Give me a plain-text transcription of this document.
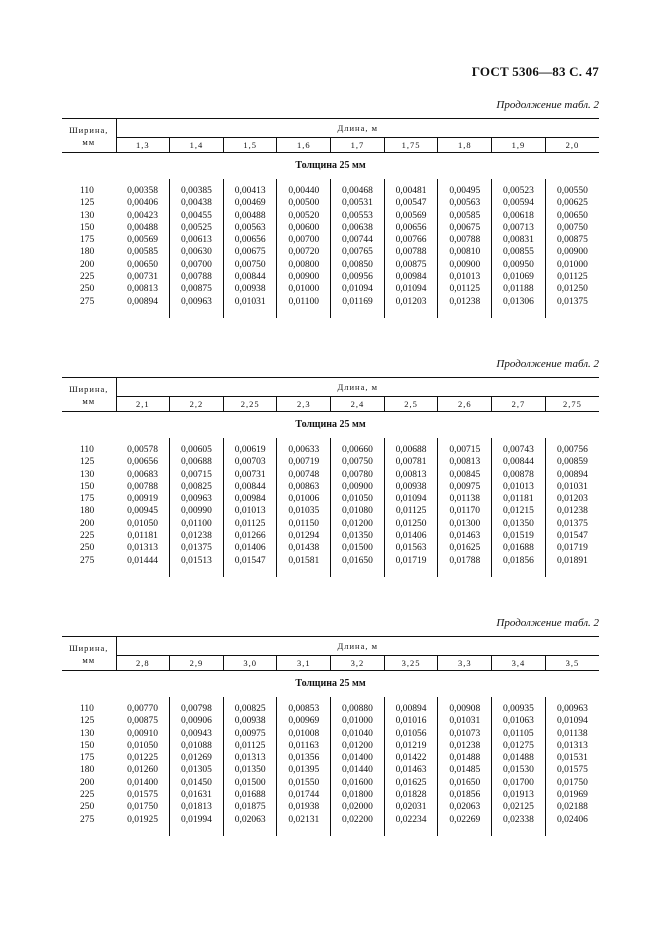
ГОСТ 5306—83 С. 47
Продолжение табл. 2
Ширина, мм	Длина, м								
	1,3	1,4	1,5	1,6	1,7	1,75	1,8	1,9	2,0
Толщина 25 мм									

110	0,00358	0,00385	0,00413	0,00440	0,00468	0,00481	0,00495	0,00523	0,00550
125	0,00406	0,00438	0,00469	0,00500	0,00531	0,00547	0,00563	0,00594	0,00625
130	0,00423	0,00455	0,00488	0,00520	0,00553	0,00569	0,00585	0,00618	0,00650
150	0,00488	0,00525	0,00563	0,00600	0,00638	0,00656	0,00675	0,00713	0,00750
175	0,00569	0,00613	0,00656	0,00700	0,00744	0,00766	0,00788	0,00831	0,00875
180	0,00585	0,00630	0,00675	0,00720	0,00765	0,00788	0,00810	0,00855	0,00900
200	0,00650	0,00700	0,00750	0,00800	0,00850	0,00875	0,00900	0,00950	0,01000
225	0,00731	0,00788	0,00844	0,00900	0,00956	0,00984	0,01013	0,01069	0,01125
250	0,00813	0,00875	0,00938	0,01000	0,01094	0,01094	0,01125	0,01188	0,01250
275	0,00894	0,00963	0,01031	0,01100	0,01169	0,01203	0,01238	0,01306	0,01375

Продолжение табл. 2
Ширина, мм	Длина, м								
	2,1	2,2	2,25	2,3	2,4	2,5	2,6	2,7	2,75
Толщина 25 мм									

110	0,00578	0,00605	0,00619	0,00633	0,00660	0,00688	0,00715	0,00743	0,00756
125	0,00656	0,00688	0,00703	0,00719	0,00750	0,00781	0,00813	0,00844	0,00859
130	0,00683	0,00715	0,00731	0,00748	0,00780	0,00813	0,00845	0,00878	0,00894
150	0,00788	0,00825	0,00844	0,00863	0,00900	0,00938	0,00975	0,01013	0,01031
175	0,00919	0,00963	0,00984	0,01006	0,01050	0,01094	0,01138	0,01181	0,01203
180	0,00945	0,00990	0,01013	0,01035	0,01080	0,01125	0,01170	0,01215	0,01238
200	0,01050	0,01100	0,01125	0,01150	0,01200	0,01250	0,01300	0,01350	0,01375
225	0,01181	0,01238	0,01266	0,01294	0,01350	0,01406	0,01463	0,01519	0,01547
250	0,01313	0,01375	0,01406	0,01438	0,01500	0,01563	0,01625	0,01688	0,01719
275	0,01444	0,01513	0,01547	0,01581	0,01650	0,01719	0,01788	0,01856	0,01891

Продолжение табл. 2
Ширина, мм	Длина, м								
	2,8	2,9	3,0	3,1	3,2	3,25	3,3	3,4	3,5
Толщина 25 мм									

110	0,00770	0,00798	0,00825	0,00853	0,00880	0,00894	0,00908	0,00935	0,00963
125	0,00875	0,00906	0,00938	0,00969	0,01000	0,01016	0,01031	0,01063	0,01094
130	0,00910	0,00943	0,00975	0,01008	0,01040	0,01056	0,01073	0,01105	0,01138
150	0,01050	0,01088	0,01125	0,01163	0,01200	0,01219	0,01238	0,01275	0,01313
175	0,01225	0,01269	0,01313	0,01356	0,01400	0,01422	0,01488	0,01488	0,01531
180	0,01260	0,01305	0,01350	0,01395	0,01440	0,01463	0,01485	0,01530	0,01575
200	0,01400	0,01450	0,01500	0,01550	0,01600	0,01625	0,01650	0,01700	0,01750
225	0,01575	0,01631	0,01688	0,01744	0,01800	0,01828	0,01856	0,01913	0,01969
250	0,01750	0,01813	0,01875	0,01938	0,02000	0,02031	0,02063	0,02125	0,02188
275	0,01925	0,01994	0,02063	0,02131	0,02200	0,02234	0,02269	0,02338	0,02406
